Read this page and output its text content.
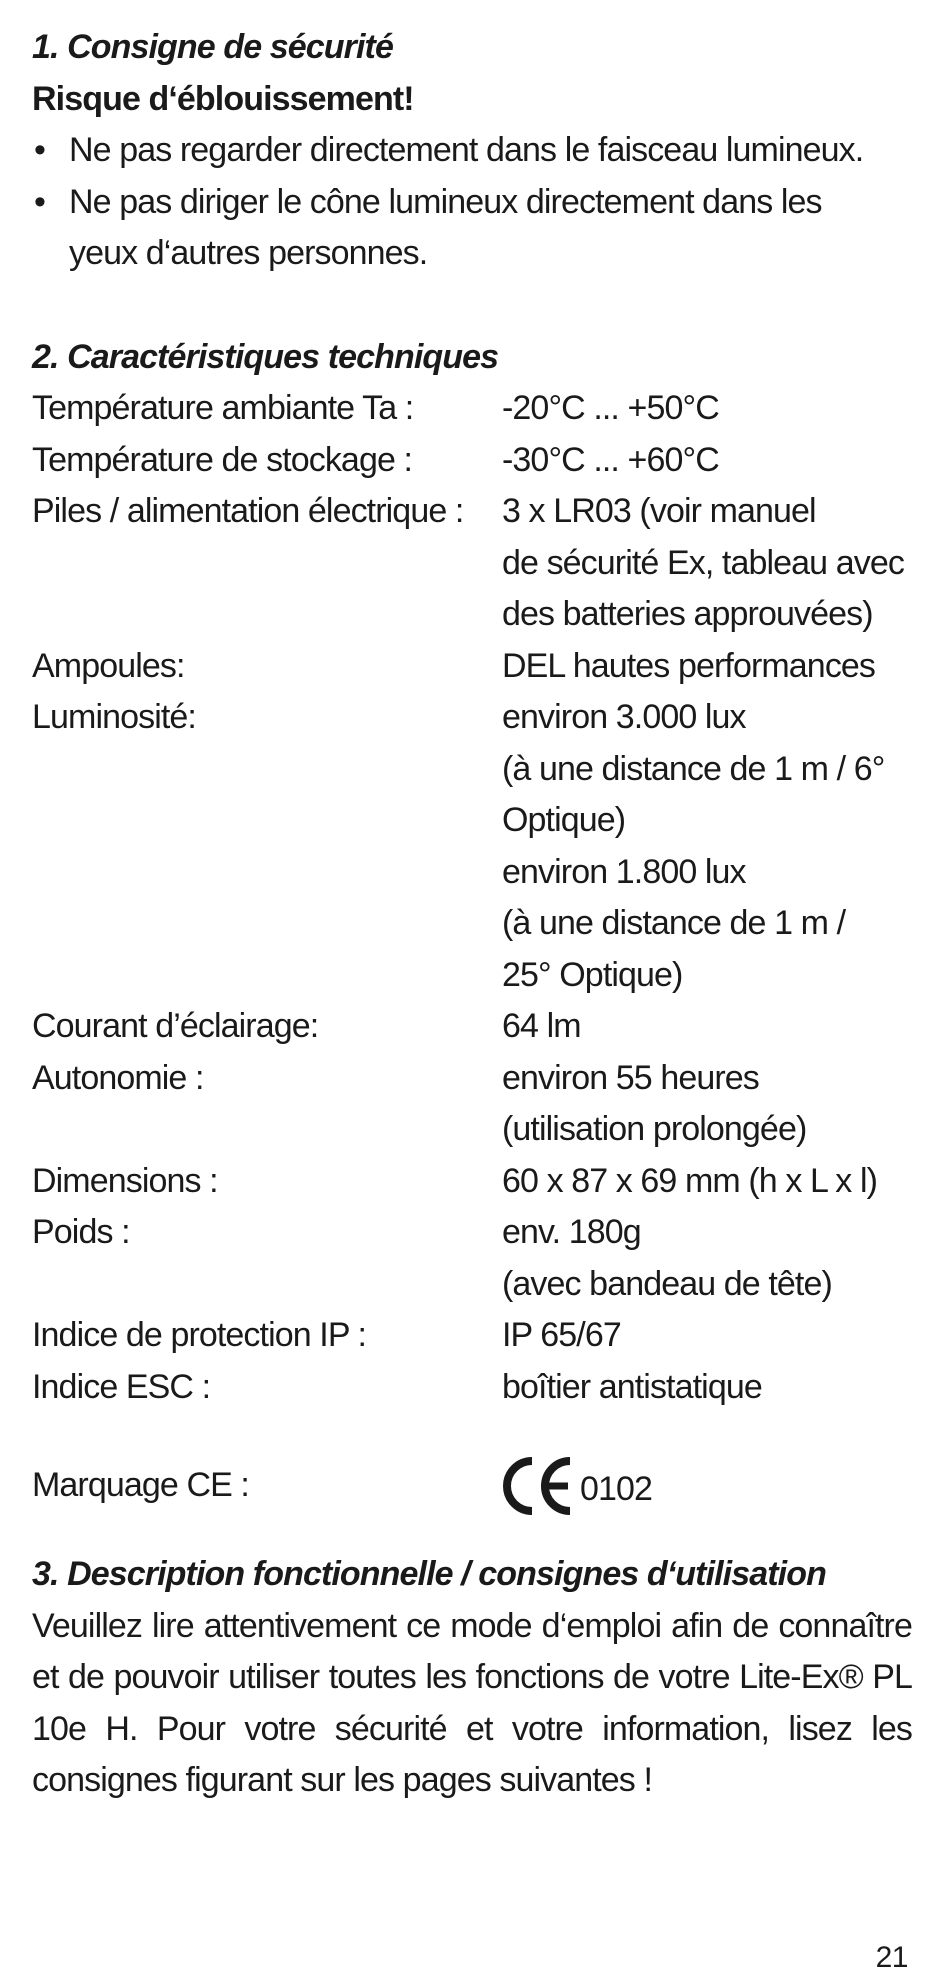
1. Consigne de sécurité
Risque d‘éblouissement!
• Ne pas regarder directement dans le faisceau lumineux.
• Ne pas diriger le cône lumineux directement dans les
yeux d‘autres personnes.
2. Caractéristiques techniques
Température ambiante Ta :	-20°C ... +50°C
Température de stockage :	-30°C ... +60°C
Piles / alimentation électrique :	3 x LR03 (voir manuel
de sécurité Ex, tableau avec
des batteries approuvées)
Ampoules:	DEL hautes performances
Luminosité:	environ 3.000 lux
(à une distance de 1 m / 6°
Optique)
environ 1.800 lux
(à une distance de 1 m /
25° Optique)
Courant d’éclairage:	64 lm
Autonomie :	environ 55 heures
(utilisation prolongée)
Dimensions :	60 x 87 x 69 mm (h x L x l)
Poids :	env. 180g
(avec bandeau de tête)
Indice de protection IP :	IP 65/67
Indice ESC :	boîtier antistatique
Marquage CE :	0102
3. Description fonctionnelle / consignes d‘utilisation
Veuillez lire attentivement ce mode d‘emploi afin de connaître et de pouvoir utiliser toutes les fonctions de votre Lite-Ex® PL 10e H. Pour votre sécurité et votre information, lisez les consignes figurant sur les pages suivantes !
21
